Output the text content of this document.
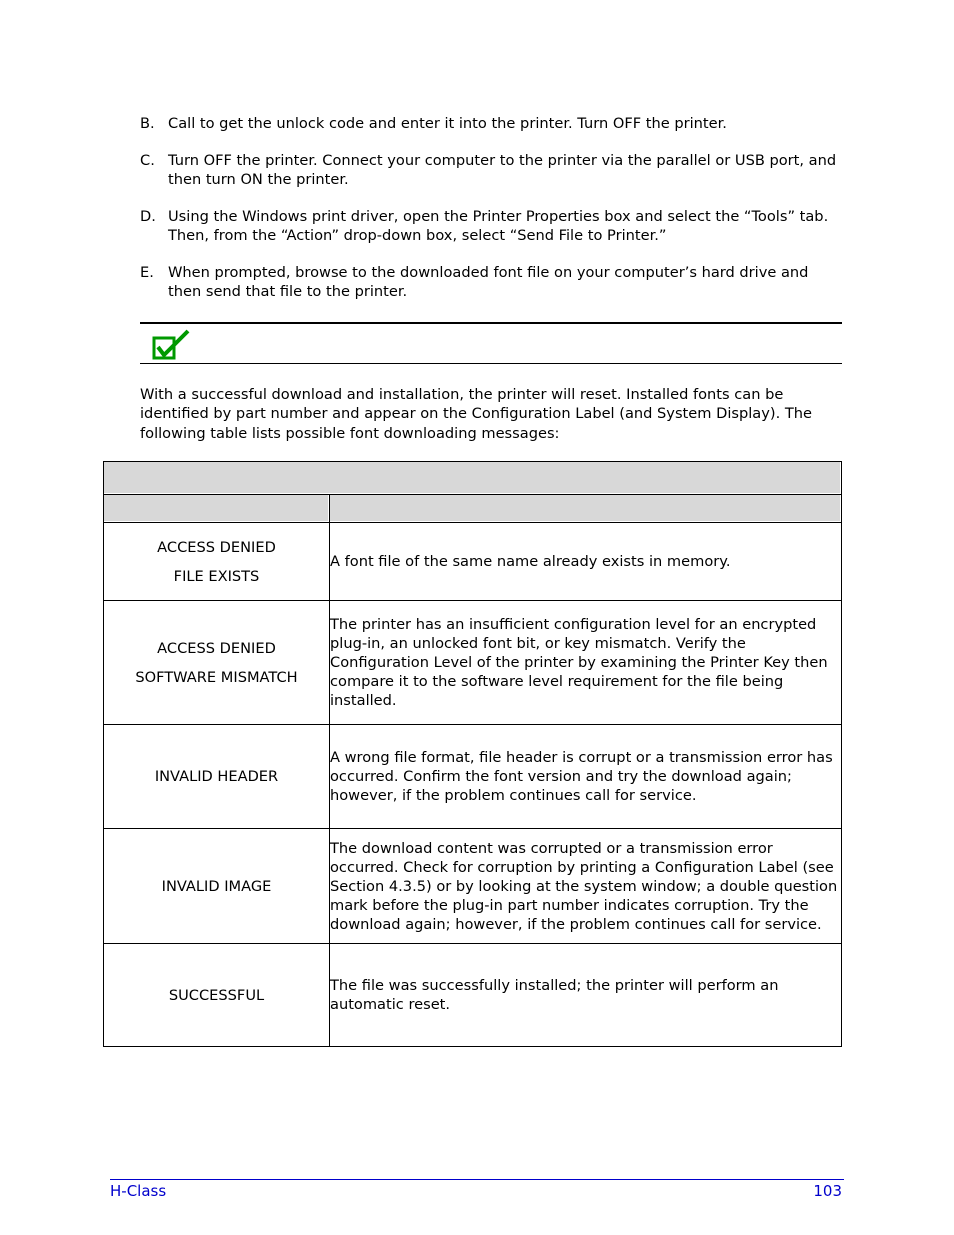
B. Call to get the unlock code and enter it into the printer. Turn OFF the printer.
C. Turn OFF the printer. Connect your computer to the printer via the parallel or USB port, and then turn ON the printer.
D. Using the Windows print driver, open the Printer Properties box and select the “Tools” tab. Then, from the “Action” drop-down box, select “Send File to Printer.”
E. When prompted, browse to the downloaded font file on your computer’s hard drive and then send that file to the printer.
With a successful download and installation, the printer will reset. Installed fonts can be identified by part number and appear on the Configuration Label (and System Display). The following table lists possible font downloading messages:

ACCESS DENIED
FILE EXISTS	A font file of the same name already exists in memory.

ACCESS DENIED
SOFTWARE MISMATCH	The printer has an insufficient configuration level for an encrypted plug-in, an unlocked font bit, or key mismatch. Verify the Configuration Level of the printer by examining the Printer Key then compare it to the software level requirement for the file being installed.

INVALID HEADER	A wrong file format, file header is corrupt or a transmission error has occurred. Confirm the font version and try the download again; however, if the problem continues call for service.

INVALID IMAGE	The download content was corrupted or a transmission error occurred. Check for corruption by printing a Configuration Label (see Section 4.3.5) or by looking at the system window; a double question mark before the plug-in part number indicates corruption. Try the download again; however, if the problem continues call for service.

SUCCESSFUL	The file was successfully installed; the printer will perform an automatic reset.
H-Class	103
